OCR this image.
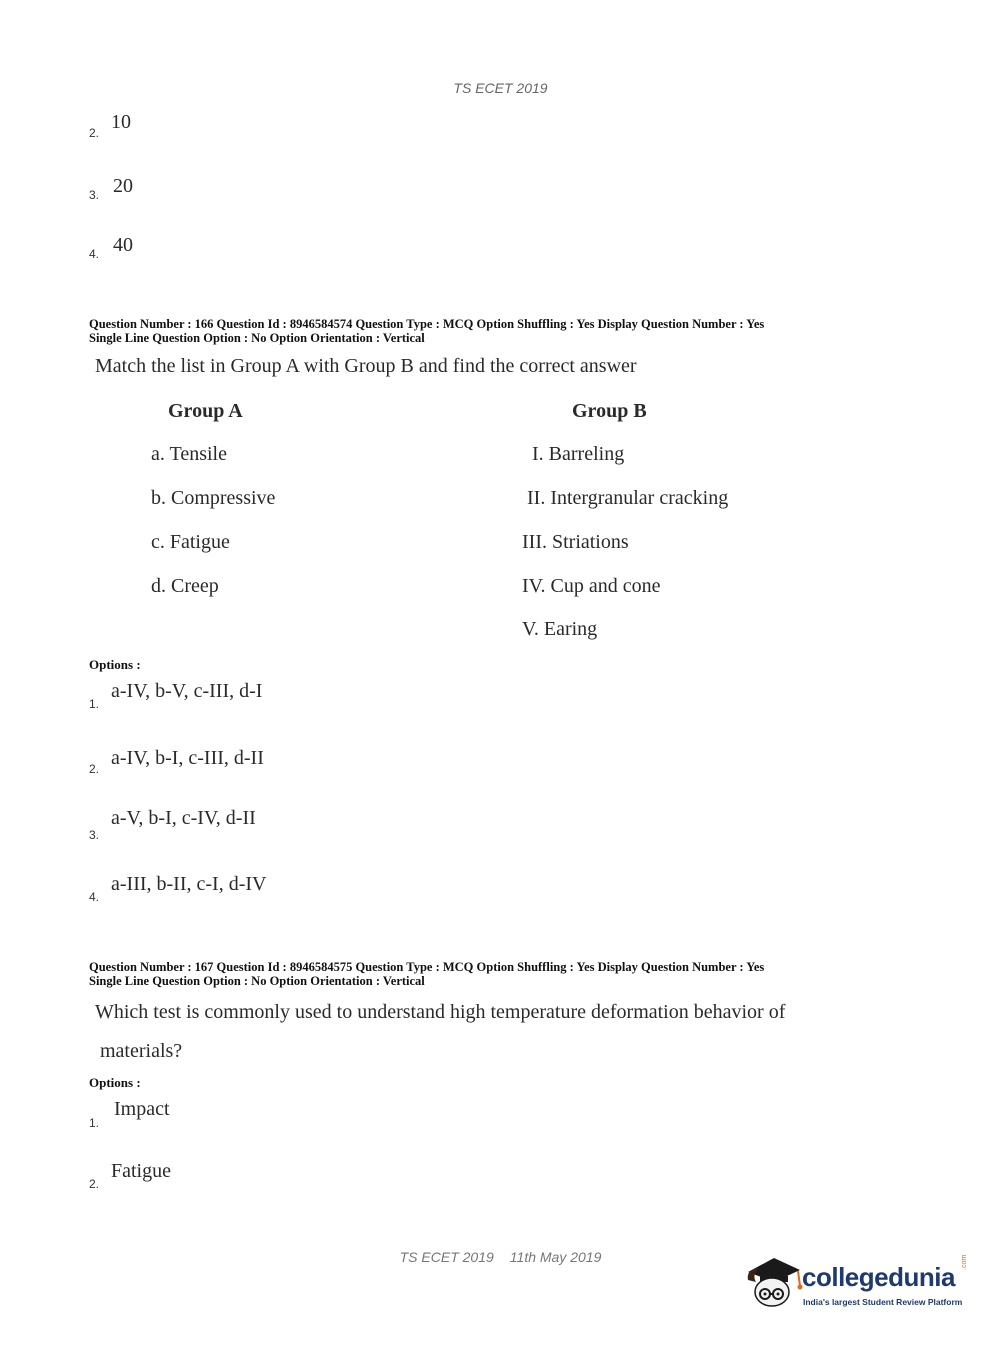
TS ECET 2019
2. 10
3. 20
4. 40
Question Number : 166 Question Id : 8946584574 Question Type : MCQ Option Shuffling : Yes Display Question Number : Yes
Single Line Question Option : No Option Orientation : Vertical
Match the list in Group A with Group B and find the correct answer
Group A	Group B
a. Tensile
b. Compressive
c. Fatigue
d. Creep
I. Barreling
II. Intergranular cracking
III. Striations
IV. Cup and cone
V. Earing
Options :
1.
a-IV, b-V, c-III, d-I
2. a-IV, b-I, c-III, d-II
3.
a-V, b-I, c-IV, d-II
4.
a-III, b-II, c-I, d-IV
Question Number : 167 Question Id : 8946584575 Question Type : MCQ Option Shuffling : Yes Display Question Number : Yes
Single Line Question Option : No Option Orientation : Vertical
Which test is commonly used to understand high temperature deformation behavior of
materials?
Options :
1.
Impact
2.
Fatigue
TS ECET 2019 11th May 2019
collegedunia .com
India's largest Student Review Platform
